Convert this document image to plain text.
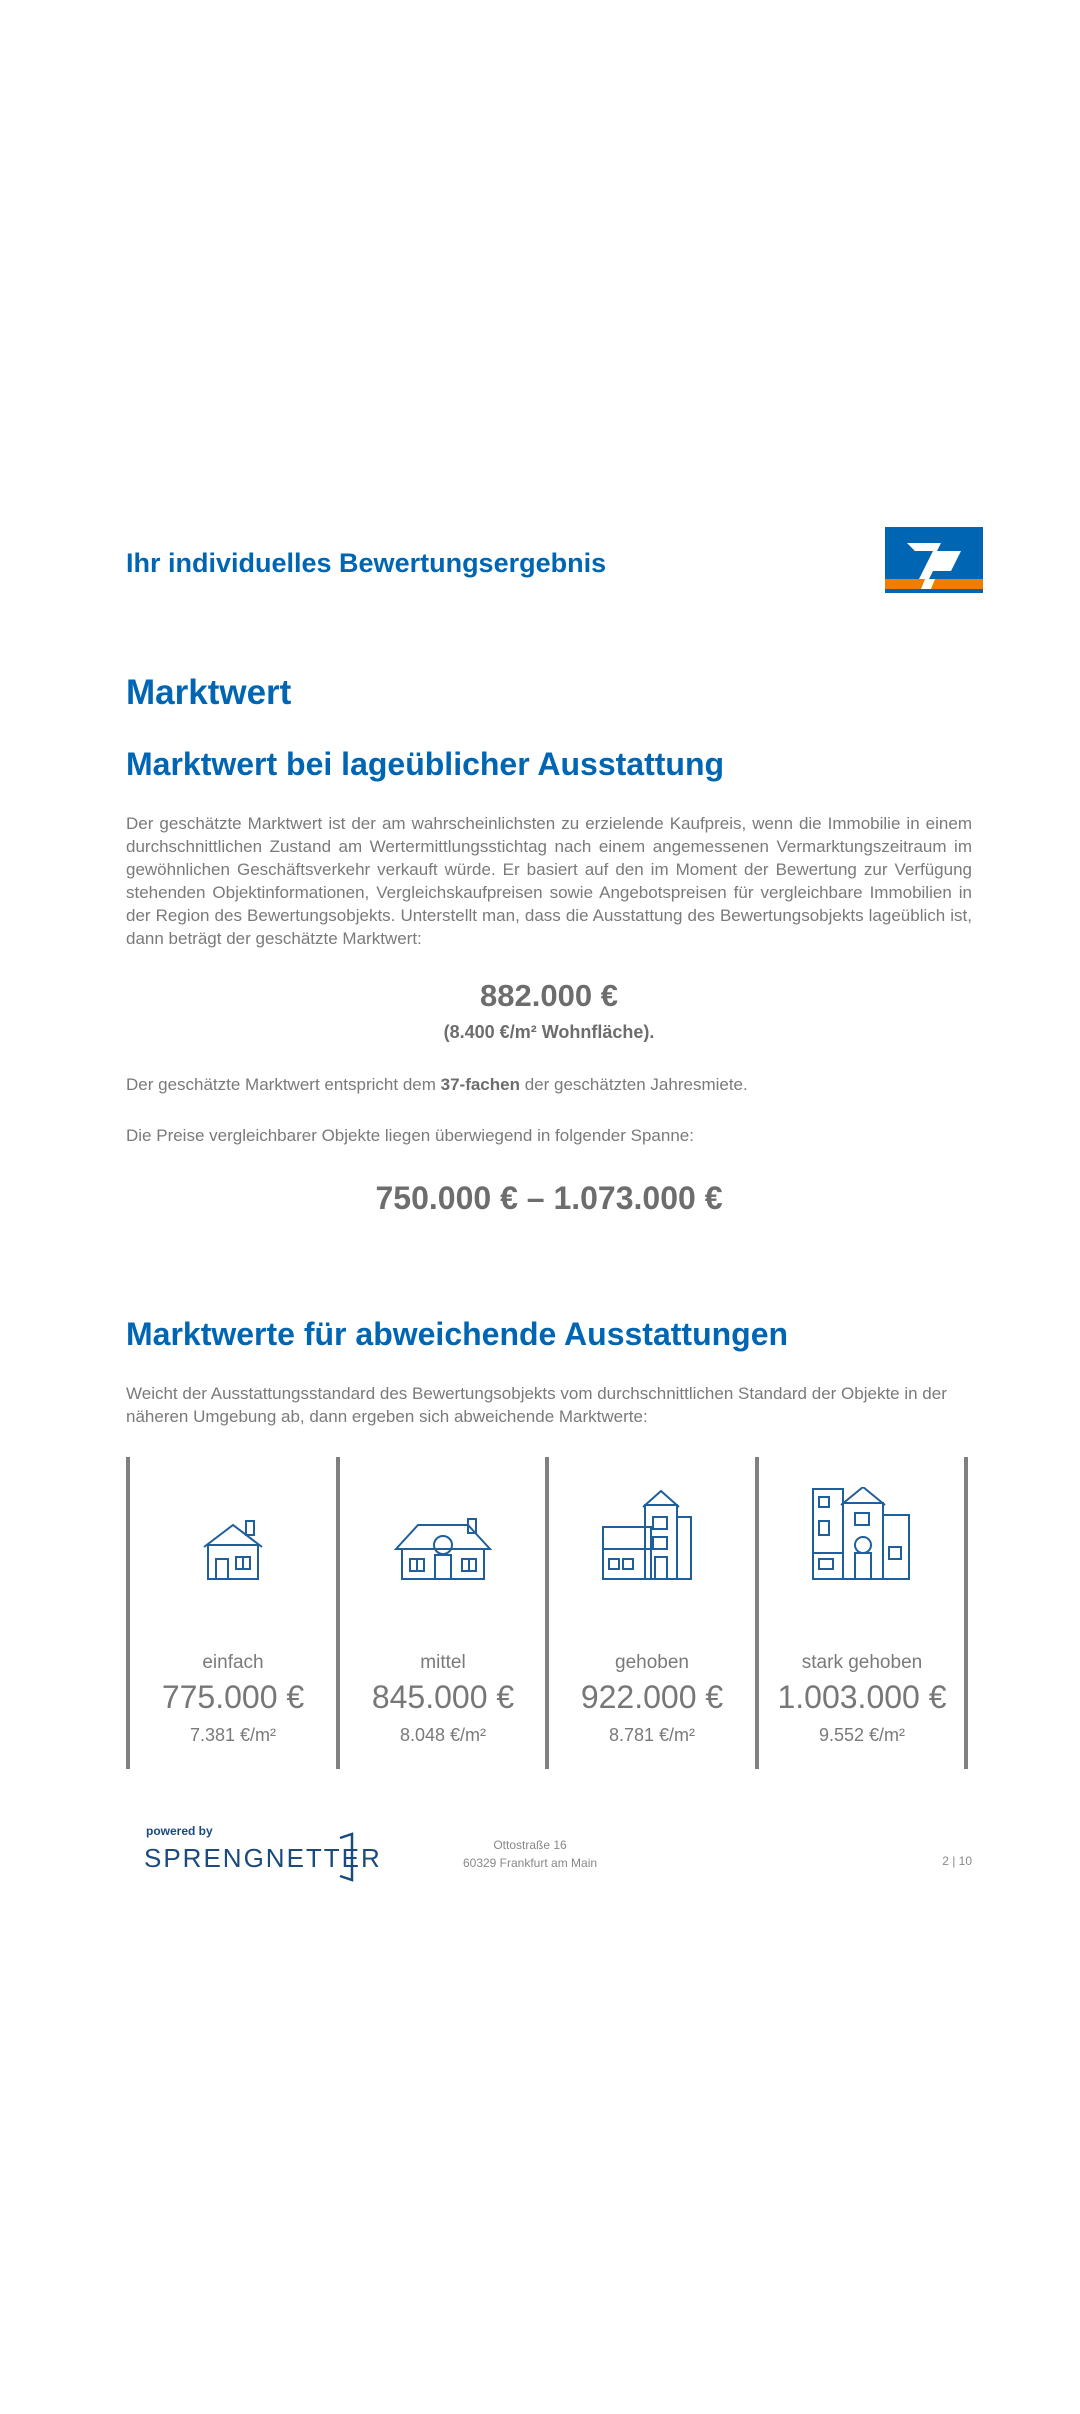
Ihr individuelles Bewertungsergebnis
Marktwert
Marktwert bei lageüblicher Ausstattung

Der geschätzte Marktwert ist der am wahrscheinlichsten zu erzielende Kaufpreis, wenn die Immobilie in einem durchschnittlichen Zustand am Wertermittlungsstichtag nach einem angemessenen Vermarktungszeitraum im gewöhnlichen Geschäftsverkehr verkauft würde. Er basiert auf den im Moment der Bewertung zur Verfügung stehenden Objektinformationen, Vergleichskaufpreisen sowie Angebotspreisen für vergleichbare Immobilien in der Region des Bewertungsobjekts. Unterstellt man, dass die Ausstattung des Bewertungsobjekts lageüblich ist, dann beträgt der geschätzte Marktwert:

882.000 €
(8.400 €/m² Wohnfläche).
Der geschätzte Marktwert entspricht dem 37-fachen der geschätzten Jahresmiete.
Die Preise vergleichbarer Objekte liegen überwiegend in folgender Spanne:
750.000 € – 1.073.000 €
Marktwerte für abweichende Ausstattungen

Weicht der Ausstattungsstandard des Bewertungsobjekts vom durchschnittlichen Standard der Objekte in der näheren Umgebung ab, dann ergeben sich abweichende Marktwerte:

einfach
775.000 €
7.381 €/m²
mittel
845.000 €
8.048 €/m²
gehoben
922.000 €
8.781 €/m²
stark gehoben
1.003.000 €
9.552 €/m²
powered by
SPRENGNETTER	Ottostraße 16
60329 Frankfurt am Main	2 | 10
